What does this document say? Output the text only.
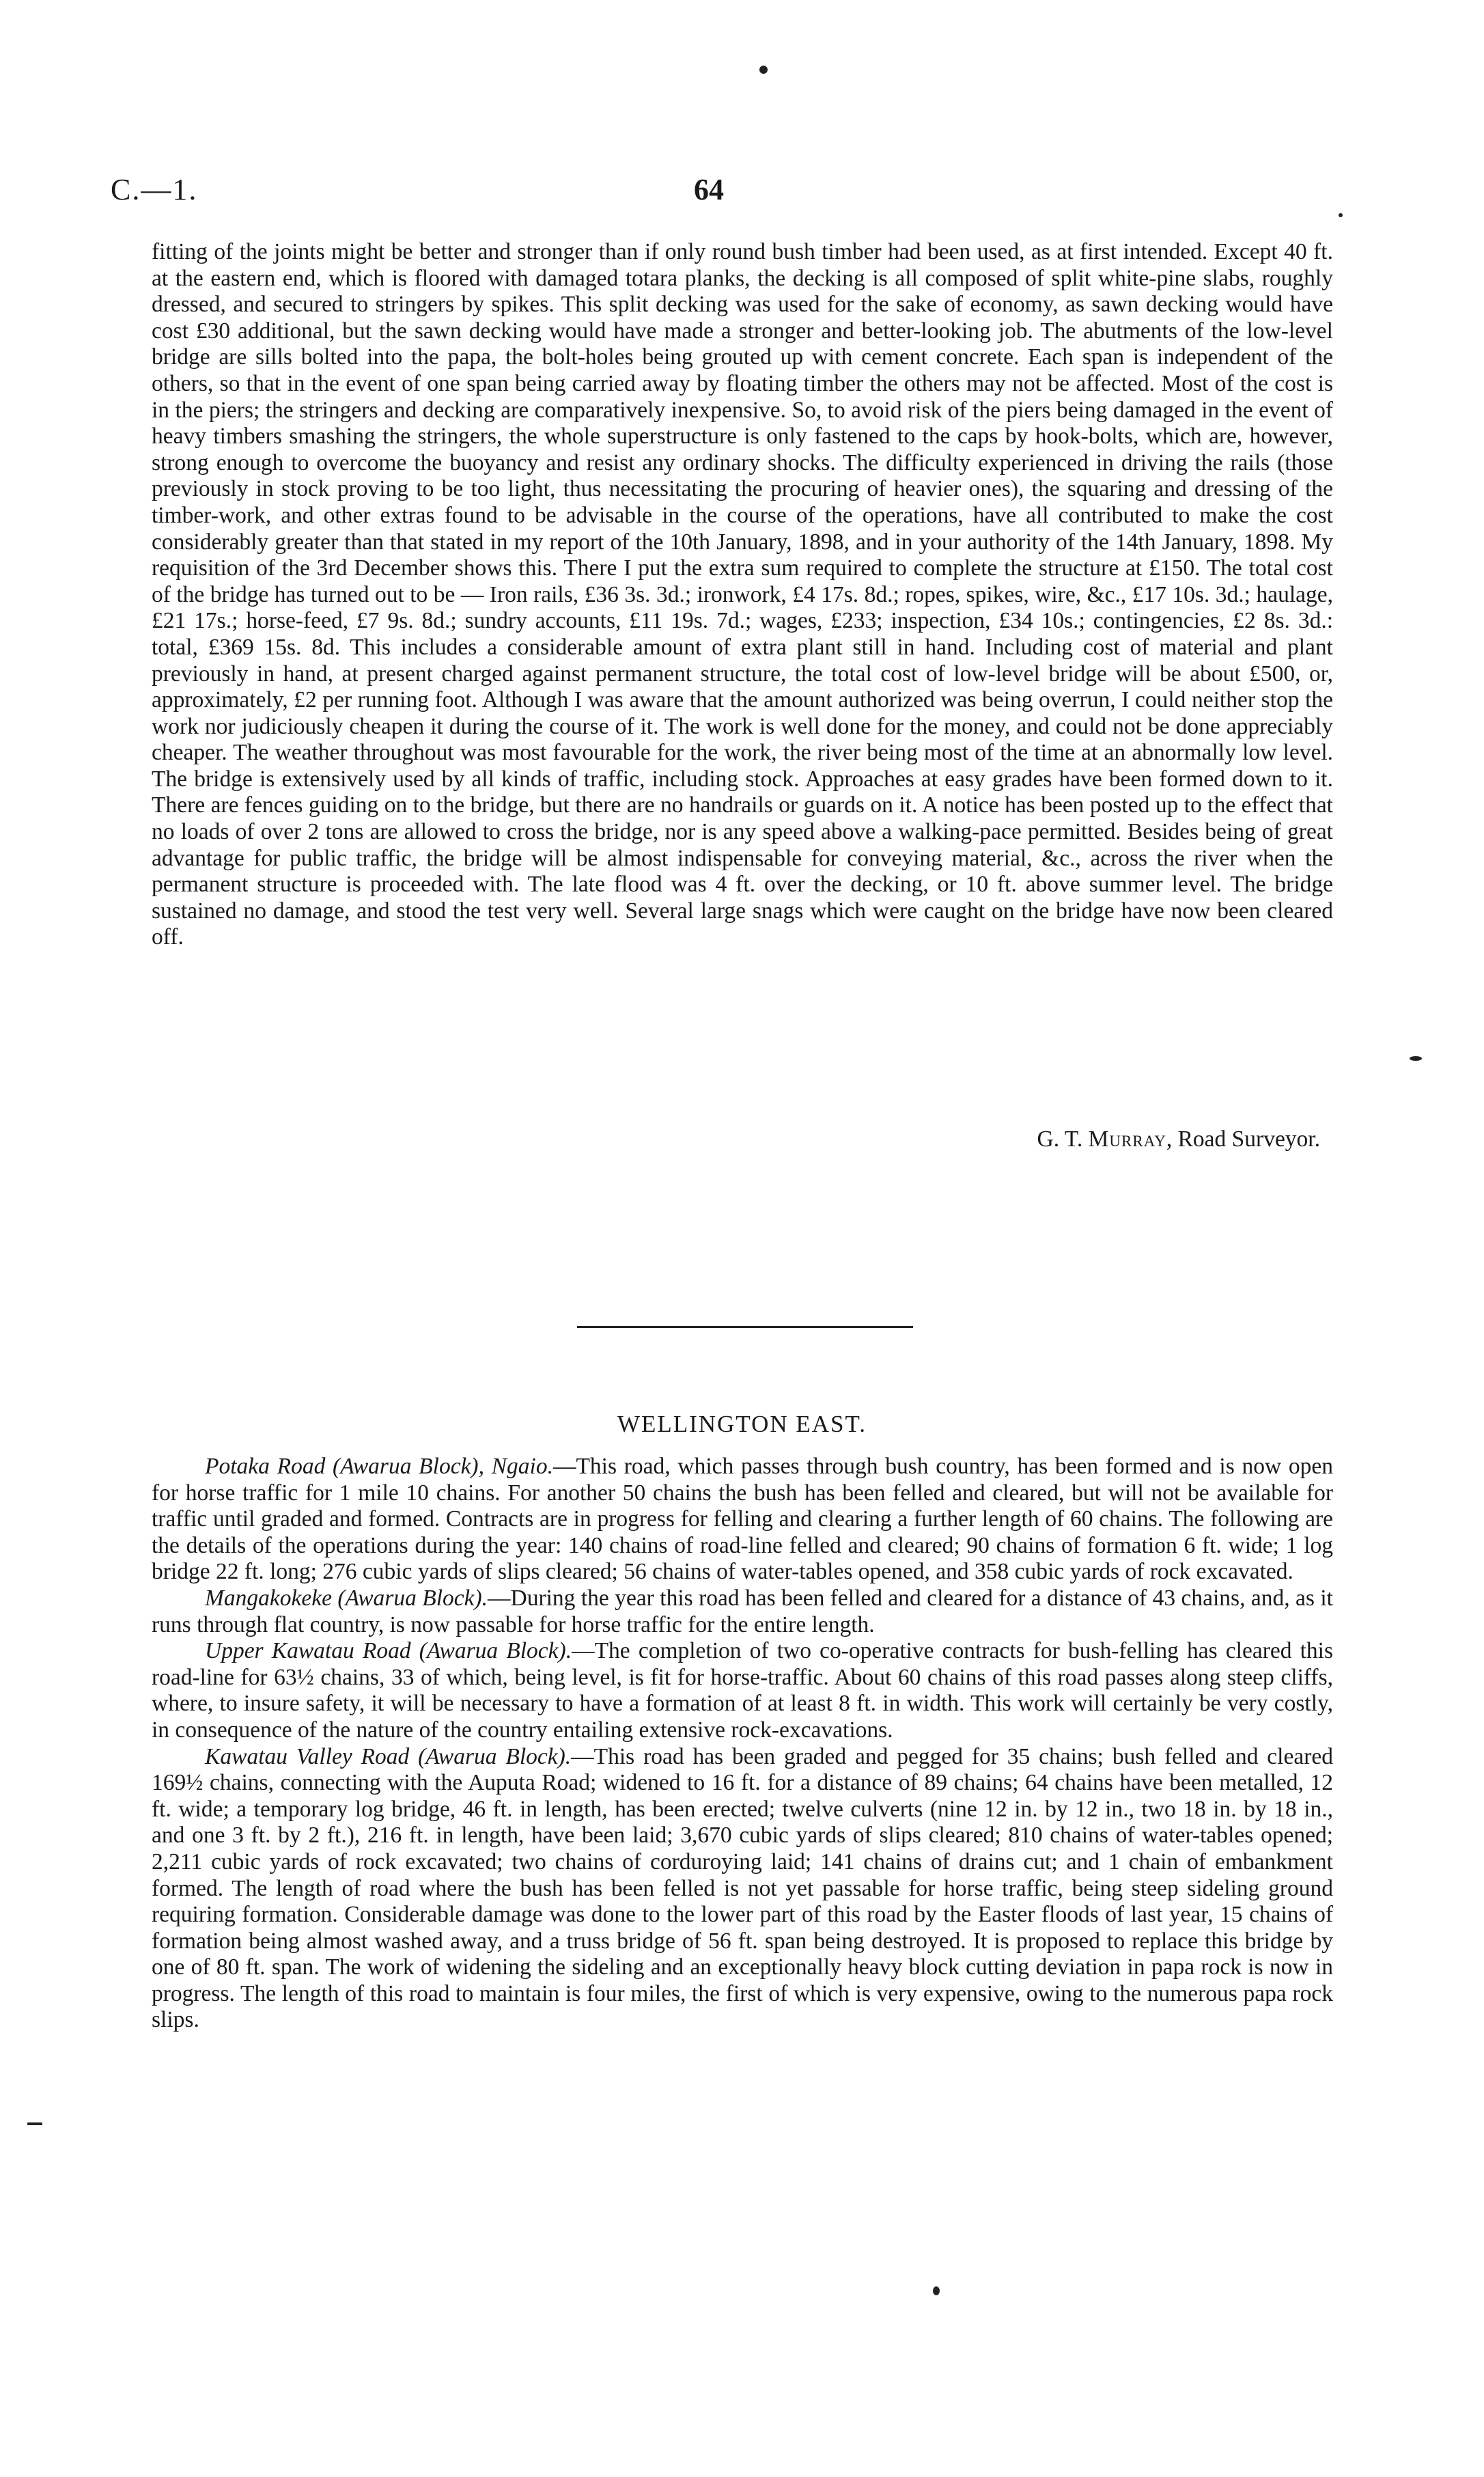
C.—1.	64

fitting of the joints might be better and stronger than if only round bush timber had been used, as at first intended. Except 40 ft. at the eastern end, which is floored with damaged totara planks, the decking is all composed of split white-pine slabs, roughly dressed, and secured to stringers by spikes. This split decking was used for the sake of economy, as sawn decking would have cost £30 additional, but the sawn decking would have made a stronger and better-looking job. The abutments of the low-level bridge are sills bolted into the papa, the bolt-holes being grouted up with cement concrete. Each span is independent of the others, so that in the event of one span being carried away by floating timber the others may not be affected. Most of the cost is in the piers; the stringers and decking are comparatively inexpensive. So, to avoid risk of the piers being damaged in the event of heavy timbers smashing the stringers, the whole superstructure is only fastened to the caps by hook-bolts, which are, however, strong enough to overcome the buoyancy and resist any ordinary shocks. The difficulty experienced in driving the rails (those previously in stock proving to be too light, thus necessitating the procuring of heavier ones), the squaring and dressing of the timber-work, and other extras found to be advisable in the course of the operations, have all contributed to make the cost considerably greater than that stated in my report of the 10th January, 1898, and in your authority of the 14th January, 1898. My requisition of the 3rd December shows this. There I put the extra sum required to complete the structure at £150. The total cost of the bridge has turned out to be — Iron rails, £36 3s. 3d.; ironwork, £4 17s. 8d.; ropes, spikes, wire, &c., £17 10s. 3d.; haulage, £21 17s.; horse-feed, £7 9s. 8d.; sundry accounts, £11 19s. 7d.; wages, £233; inspection, £34 10s.; contingencies, £2 8s. 3d.: total, £369 15s. 8d. This includes a considerable amount of extra plant still in hand. Including cost of material and plant previously in hand, at present charged against permanent structure, the total cost of low-level bridge will be about £500, or, approximately, £2 per running foot. Although I was aware that the amount authorized was being overrun, I could neither stop the work nor judiciously cheapen it during the course of it. The work is well done for the money, and could not be done appreciably cheaper. The weather throughout was most favourable for the work, the river being most of the time at an abnormally low level. The bridge is extensively used by all kinds of traffic, including stock. Approaches at easy grades have been formed down to it. There are fences guiding on to the bridge, but there are no handrails or guards on it. A notice has been posted up to the effect that no loads of over 2 tons are allowed to cross the bridge, nor is any speed above a walking-pace permitted. Besides being of great advantage for public traffic, the bridge will be almost indispensable for conveying material, &c., across the river when the permanent structure is proceeded with. The late flood was 4 ft. over the decking, or 10 ft. above summer level. The bridge sustained no damage, and stood the test very well. Several large snags which were caught on the bridge have now been cleared off.

G. T. Murray, Road Surveyor.
WELLINGTON EAST.

Potaka Road (Awarua Block), Ngaio.—This road, which passes through bush country, has been formed and is now open for horse traffic for 1 mile 10 chains. For another 50 chains the bush has been felled and cleared, but will not be available for traffic until graded and formed. Contracts are in progress for felling and clearing a further length of 60 chains. The following are the details of the operations during the year: 140 chains of road-line felled and cleared; 90 chains of formation 6 ft. wide; 1 log bridge 22 ft. long; 276 cubic yards of slips cleared; 56 chains of water-tables opened, and 358 cubic yards of rock excavated.

Mangakokeke (Awarua Block).—During the year this road has been felled and cleared for a distance of 43 chains, and, as it runs through flat country, is now passable for horse traffic for the entire length.

Upper Kawatau Road (Awarua Block).—The completion of two co-operative contracts for bush-felling has cleared this road-line for 63½ chains, 33 of which, being level, is fit for horse-traffic. About 60 chains of this road passes along steep cliffs, where, to insure safety, it will be necessary to have a formation of at least 8 ft. in width. This work will certainly be very costly, in consequence of the nature of the country entailing extensive rock-excavations.

Kawatau Valley Road (Awarua Block).—This road has been graded and pegged for 35 chains; bush felled and cleared 169½ chains, connecting with the Auputa Road; widened to 16 ft. for a distance of 89 chains; 64 chains have been metalled, 12 ft. wide; a temporary log bridge, 46 ft. in length, has been erected; twelve culverts (nine 12 in. by 12 in., two 18 in. by 18 in., and one 3 ft. by 2 ft.), 216 ft. in length, have been laid; 3,670 cubic yards of slips cleared; 810 chains of water-tables opened; 2,211 cubic yards of rock excavated; two chains of corduroying laid; 141 chains of drains cut; and 1 chain of embankment formed. The length of road where the bush has been felled is not yet passable for horse traffic, being steep sideling ground requiring formation. Considerable damage was done to the lower part of this road by the Easter floods of last year, 15 chains of formation being almost washed away, and a truss bridge of 56 ft. span being destroyed. It is proposed to replace this bridge by one of 80 ft. span. The work of widening the sideling and an exceptionally heavy block cutting deviation in papa rock is now in progress. The length of this road to maintain is four miles, the first of which is very expensive, owing to the numerous papa rock slips.
